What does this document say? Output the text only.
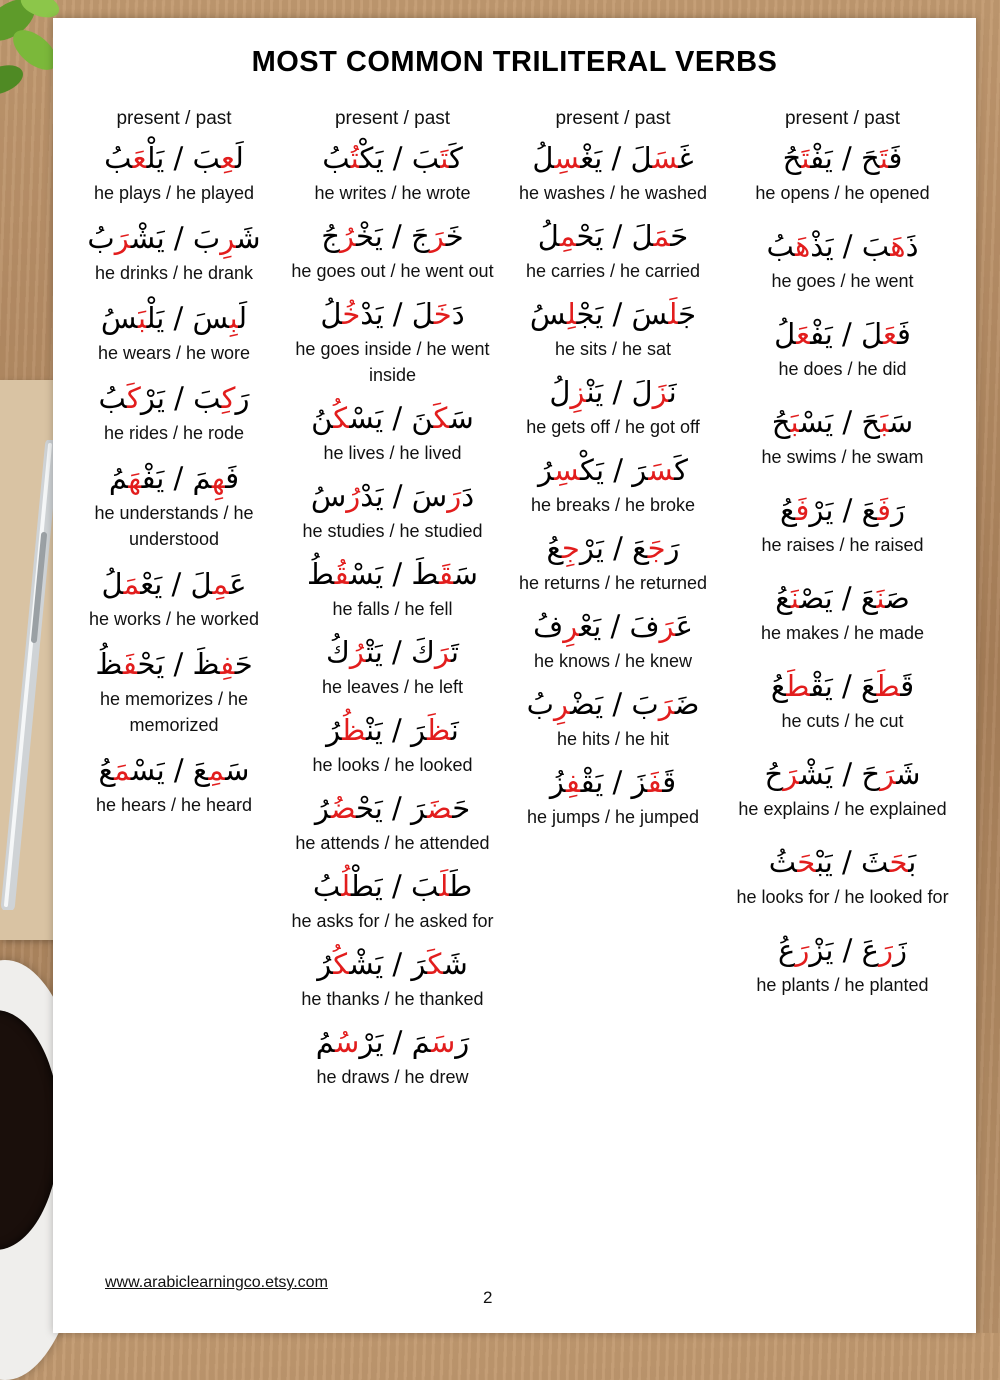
MOST COMMON TRILITERAL VERBS
present / past
لَعِبَ / يَلْعَبُ
he plays / he played
شَرِبَ / يَشْرَبُ
he drinks / he drank
لَبِسَ / يَلْبَسُ
he wears / he wore
رَكِبَ / يَرْكَبُ
he rides / he rode
فَهِمَ / يَفْهَمُ
he understands / he understood
عَمِلَ / يَعْمَلُ
he works / he worked
حَفِظَ / يَحْفَظُ
he memorizes / he memorized
سَمِعَ / يَسْمَعُ
he hears / he heard
present / past
كَتَبَ / يَكْتُبُ
he writes / he wrote
خَرَجَ / يَخْرُجُ
he goes out / he went out
دَخَلَ / يَدْخُلُ
he goes inside / he went inside
سَكَنَ / يَسْكُنُ
he lives / he lived
دَرَسَ / يَدْرُسُ
he studies / he studied
سَقَطَ / يَسْقُطُ
he falls / he fell
تَرَكَ / يَتْرُكُ
he leaves / he left
نَظَرَ / يَنْظُرُ
he looks / he looked
حَضَرَ / يَحْضُرُ
he attends / he attended
طَلَبَ / يَطْلُبُ
he asks for / he asked for
شَكَرَ / يَشْكُرُ
he thanks / he thanked
رَسَمَ / يَرْسُمُ
he draws / he drew
present / past
غَسَلَ / يَغْسِلُ
he washes / he washed
حَمَلَ / يَحْمِلُ
he carries / he carried
جَلَسَ / يَجْلِسُ
he sits / he sat
نَزَلَ / يَنْزِلُ
he gets off / he got off
كَسَرَ / يَكْسِرُ
he breaks / he broke
رَجَعَ / يَرْجِعُ
he returns / he returned
عَرَفَ / يَعْرِفُ
he knows / he knew
ضَرَبَ / يَضْرِبُ
he hits / he hit
قَفَزَ / يَقْفِزُ
he jumps / he jumped
present / past
فَتَحَ / يَفْتَحُ
he opens / he opened
ذَهَبَ / يَذْهَبُ
he goes / he went
فَعَلَ / يَفْعَلُ
he does / he did
سَبَحَ / يَسْبَحُ
he swims / he swam
رَفَعَ / يَرْفَعُ
he raises / he raised
صَنَعَ / يَصْنَعُ
he makes / he made
قَطَعَ / يَقْطَعُ
he cuts / he cut
شَرَحَ / يَشْرَحُ
he explains / he explained
بَحَثَ / يَبْحَثُ
he looks for / he looked for
زَرَعَ / يَزْرَعُ
he plants / he planted
www.arabiclearningco.etsy.com
2
